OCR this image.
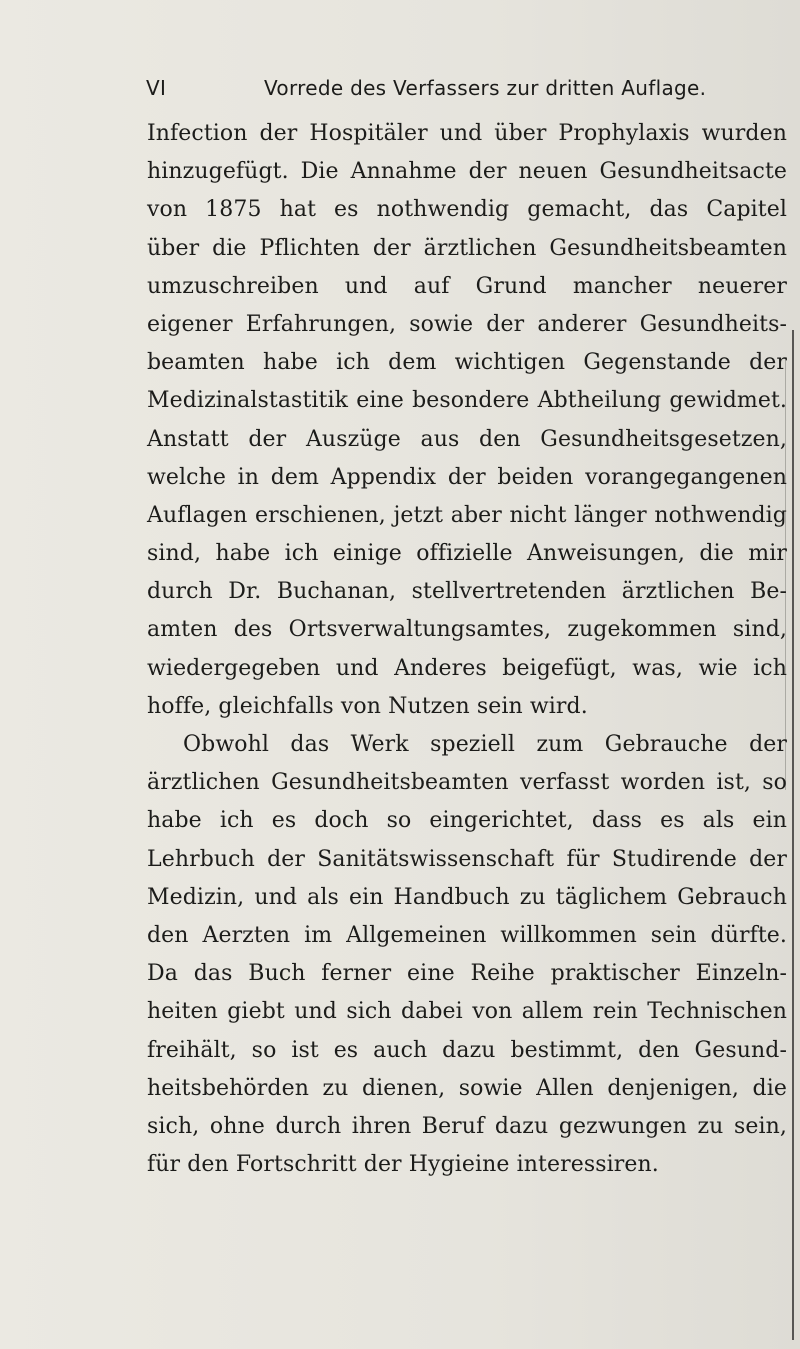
VI	Vorrede des Verfassers zur dritten Auflage.
Infection der Hospitäler und über Prophylaxis wurden
hinzugefügt. Die Annahme der neuen Gesundheitsacte
von 1875 hat es nothwendig gemacht, das Capitel
über die Pflichten der ärztlichen Gesundheitsbeamten
umzuschreiben und auf Grund mancher neuerer
eigener Erfahrungen, sowie der anderer Gesundheits-
beamten habe ich dem wichtigen Gegenstande der
Medizinalstastitik eine besondere Abtheilung gewidmet.
Anstatt der Auszüge aus den Gesundheitsgesetzen,
welche in dem Appendix der beiden vorangegangenen
Auflagen erschienen, jetzt aber nicht länger nothwendig
sind, habe ich einige offizielle Anweisungen, die mir
durch Dr. Buchanan, stellvertretenden ärztlichen Be-
amten des Ortsverwaltungsamtes, zugekommen sind,
wiedergegeben und Anderes beigefügt, was, wie ich
hoffe, gleichfalls von Nutzen sein wird.
Obwohl das Werk speziell zum Gebrauche der
ärztlichen Gesundheitsbeamten verfasst worden ist, so
habe ich es doch so eingerichtet, dass es als ein
Lehrbuch der Sanitätswissenschaft für Studirende der
Medizin, und als ein Handbuch zu täglichem Gebrauch
den Aerzten im Allgemeinen willkommen sein dürfte.
Da das Buch ferner eine Reihe praktischer Einzeln-
heiten giebt und sich dabei von allem rein Technischen
freihält, so ist es auch dazu bestimmt, den Gesund-
heitsbehörden zu dienen, sowie Allen denjenigen, die
sich, ohne durch ihren Beruf dazu gezwungen zu sein,
für den Fortschritt der Hygieine interessiren.
